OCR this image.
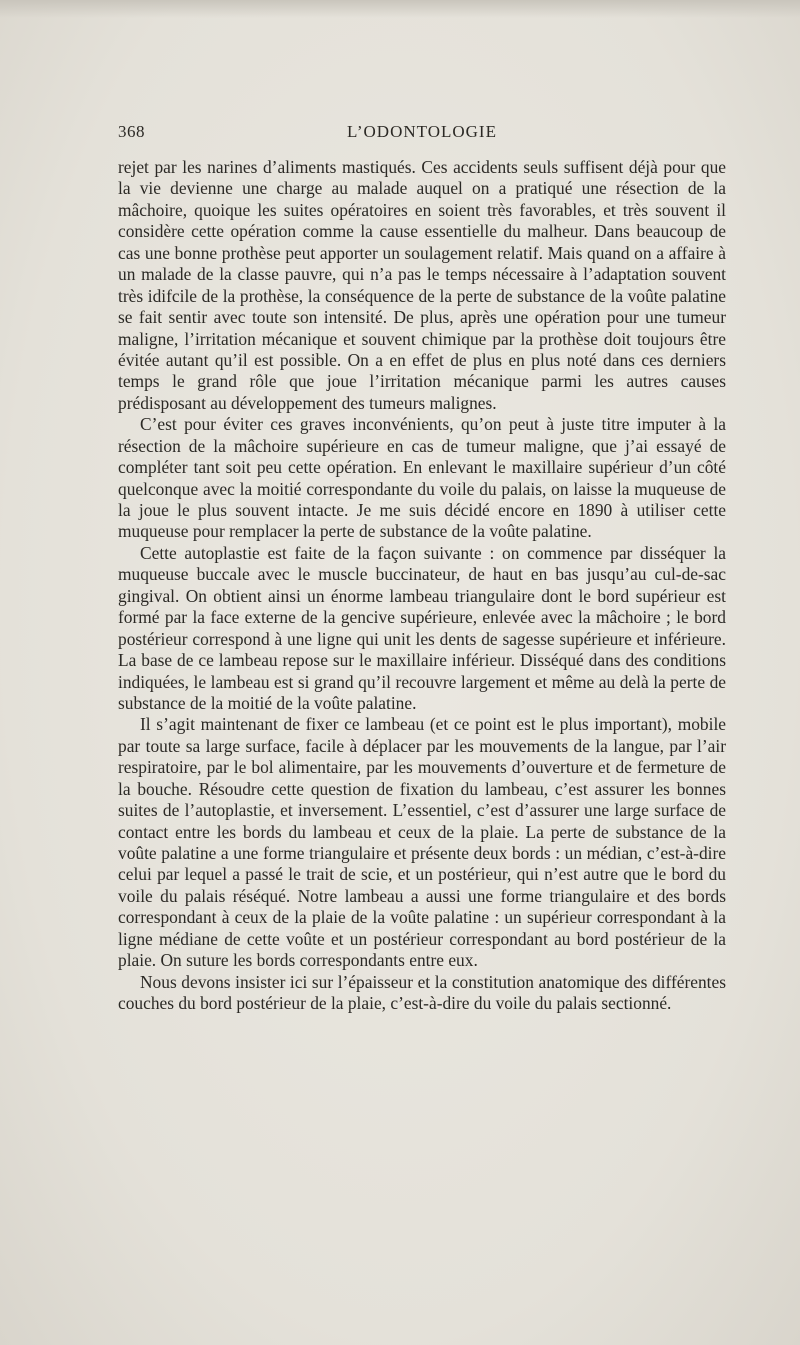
368	L’ODONTOLOGIE

rejet par les narines d’aliments mastiqués. Ces accidents seuls suffisent déjà pour que la vie devienne une charge au malade auquel on a pratiqué une résection de la mâchoire, quoique les suites opératoires en soient très favorables, et très souvent il considère cette opération comme la cause essentielle du malheur. Dans beaucoup de cas une bonne prothèse peut apporter un soulagement relatif. Mais quand on a affaire à un malade de la classe pauvre, qui n’a pas le temps nécessaire à l’adaptation souvent très idifcile de la prothèse, la conséquence de la perte de substance de la voûte palatine se fait sentir avec toute son intensité. De plus, après une opération pour une tumeur maligne, l’irritation mécanique et souvent chimique par la prothèse doit toujours être évitée autant qu’il est possible. On a en effet de plus en plus noté dans ces derniers temps le grand rôle que joue l’irritation mécanique parmi les autres causes prédisposant au développement des tumeurs malignes.

C’est pour éviter ces graves inconvénients, qu’on peut à juste titre imputer à la résection de la mâchoire supérieure en cas de tumeur maligne, que j’ai essayé de compléter tant soit peu cette opération. En enlevant le maxillaire supérieur d’un côté quelconque avec la moitié correspondante du voile du palais, on laisse la muqueuse de la joue le plus souvent intacte. Je me suis décidé encore en 1890 à utiliser cette muqueuse pour remplacer la perte de substance de la voûte palatine.

Cette autoplastie est faite de la façon suivante : on commence par disséquer la muqueuse buccale avec le muscle buccinateur, de haut en bas jusqu’au cul-de-sac gingival. On obtient ainsi un énorme lambeau triangulaire dont le bord supérieur est formé par la face externe de la gencive supérieure, enlevée avec la mâchoire ; le bord postérieur correspond à une ligne qui unit les dents de sagesse supérieure et inférieure. La base de ce lambeau repose sur le maxillaire inférieur. Disséqué dans des conditions indiquées, le lambeau est si grand qu’il recouvre largement et même au delà la perte de substance de la moitié de la voûte palatine.

Il s’agit maintenant de fixer ce lambeau (et ce point est le plus important), mobile par toute sa large surface, facile à déplacer par les mouvements de la langue, par l’air respiratoire, par le bol alimentaire, par les mouvements d’ouverture et de fermeture de la bouche. Résoudre cette question de fixation du lambeau, c’est assurer les bonnes suites de l’autoplastie, et inversement. L’essentiel, c’est d’assurer une large surface de contact entre les bords du lambeau et ceux de la plaie. La perte de substance de la voûte palatine a une forme triangulaire et présente deux bords : un médian, c’est-à-dire celui par lequel a passé le trait de scie, et un postérieur, qui n’est autre que le bord du voile du palais réséqué. Notre lambeau a aussi une forme triangulaire et des bords correspondant à ceux de la plaie de la voûte palatine : un supérieur correspondant à la ligne médiane de cette voûte et un postérieur correspondant au bord postérieur de la plaie. On suture les bords correspondants entre eux.

Nous devons insister ici sur l’épaisseur et la constitution anatomique des différentes couches du bord postérieur de la plaie, c’est-à-dire du voile du palais sectionné.
